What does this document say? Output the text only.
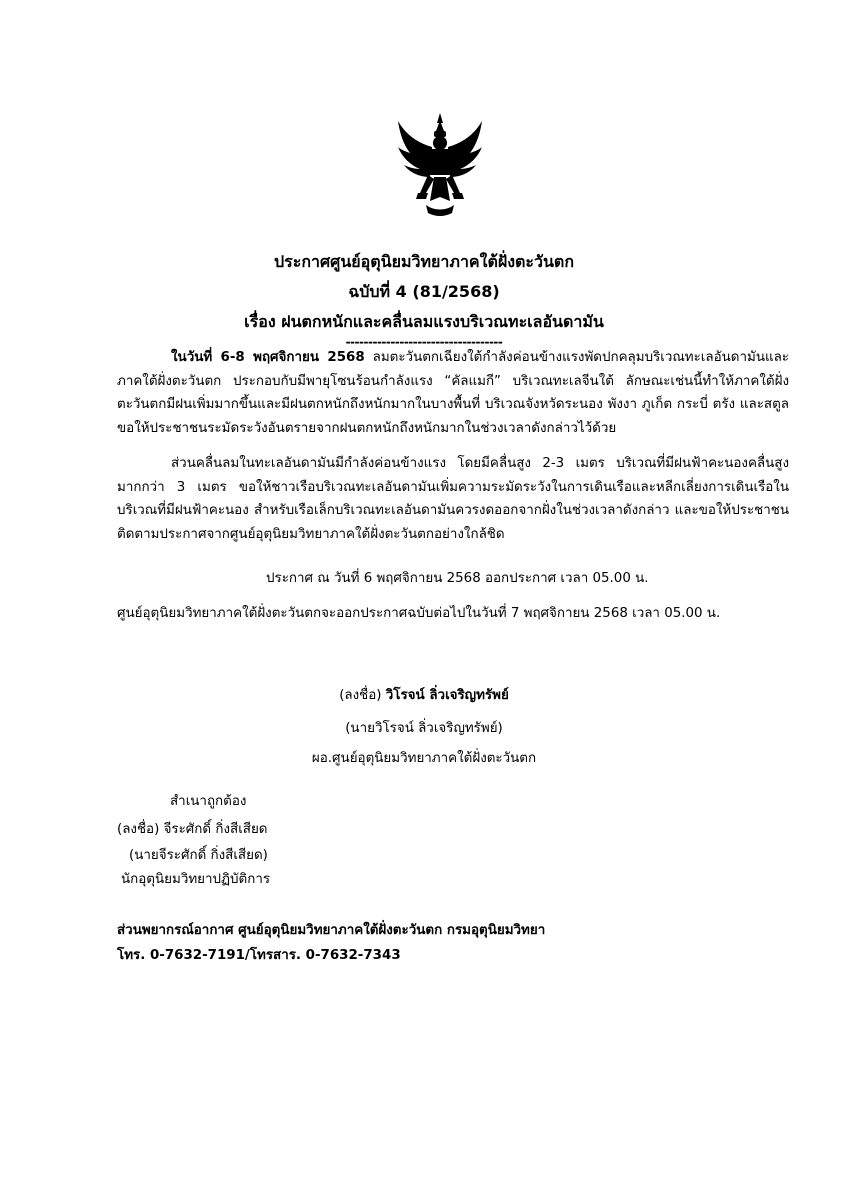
ประกาศศูนย์อุตุนิยมวิทยาภาคใต้ฝั่งตะวันตก
ฉบับที่ 4 (81/2568)
เรื่อง ฝนตกหนักและคลื่นลมแรงบริเวณทะเลอันดามัน
-----------------------------------
ในวันที่ 6-8 พฤศจิกายน 2568 ลมตะวันตกเฉียงใต้กำลังค่อนข้างแรงพัดปกคลุมบริเวณทะเลอันดามันและภาคใต้ฝั่งตะวันตก ประกอบกับมีพายุโซนร้อนกำลังแรง “คัลแมกี” บริเวณทะเลจีนใต้ ลักษณะเช่นนี้ทำให้ภาคใต้ฝั่งตะวันตกมีฝนเพิ่มมากขึ้นและมีฝนตกหนักถึงหนักมากในบางพื้นที่ บริเวณจังหวัดระนอง พังงา ภูเก็ต กระบี่ ตรัง และสตูล ขอให้ประชาชนระมัดระวังอันตรายจากฝนตกหนักถึงหนักมากในช่วงเวลาดังกล่าวไว้ด้วย
ส่วนคลื่นลมในทะเลอันดามันมีกำลังค่อนข้างแรง โดยมีคลื่นสูง 2-3 เมตร บริเวณที่มีฝนฟ้าคะนองคลื่นสูงมากกว่า 3 เมตร ขอให้ชาวเรือบริเวณทะเลอันดามันเพิ่มความระมัดระวังในการเดินเรือและหลีกเลี่ยงการเดินเรือในบริเวณที่มีฝนฟ้าคะนอง สำหรับเรือเล็กบริเวณทะเลอันดามันควรงดออกจากฝั่งในช่วงเวลาดังกล่าว และขอให้ประชาชนติดตามประกาศจากศูนย์อุตุนิยมวิทยาภาคใต้ฝั่งตะวันตกอย่างใกล้ชิด
ประกาศ ณ วันที่ 6 พฤศจิกายน 2568 ออกประกาศ เวลา 05.00 น.
ศูนย์อุตุนิยมวิทยาภาคใต้ฝั่งตะวันตกจะออกประกาศฉบับต่อไปในวันที่ 7 พฤศจิกายน 2568 เวลา 05.00 น.
(ลงชื่อ) วิโรจน์ ลิ่วเจริญทรัพย์
(นายวิโรจน์ ลิ่วเจริญทรัพย์)
ผอ.ศูนย์อุตุนิยมวิทยาภาคใต้ฝั่งตะวันตก
สำเนาถูกต้อง
(ลงชื่อ) จีระศักดิ์ กิ่งสีเสียด
(นายจีระศักดิ์ กิ่งสีเสียด)
นักอุตุนิยมวิทยาปฏิบัติการ
ส่วนพยากรณ์อากาศ ศูนย์อุตุนิยมวิทยาภาคใต้ฝั่งตะวันตก กรมอุตุนิยมวิทยา
โทร. 0-7632-7191/โทรสาร. 0-7632-7343
